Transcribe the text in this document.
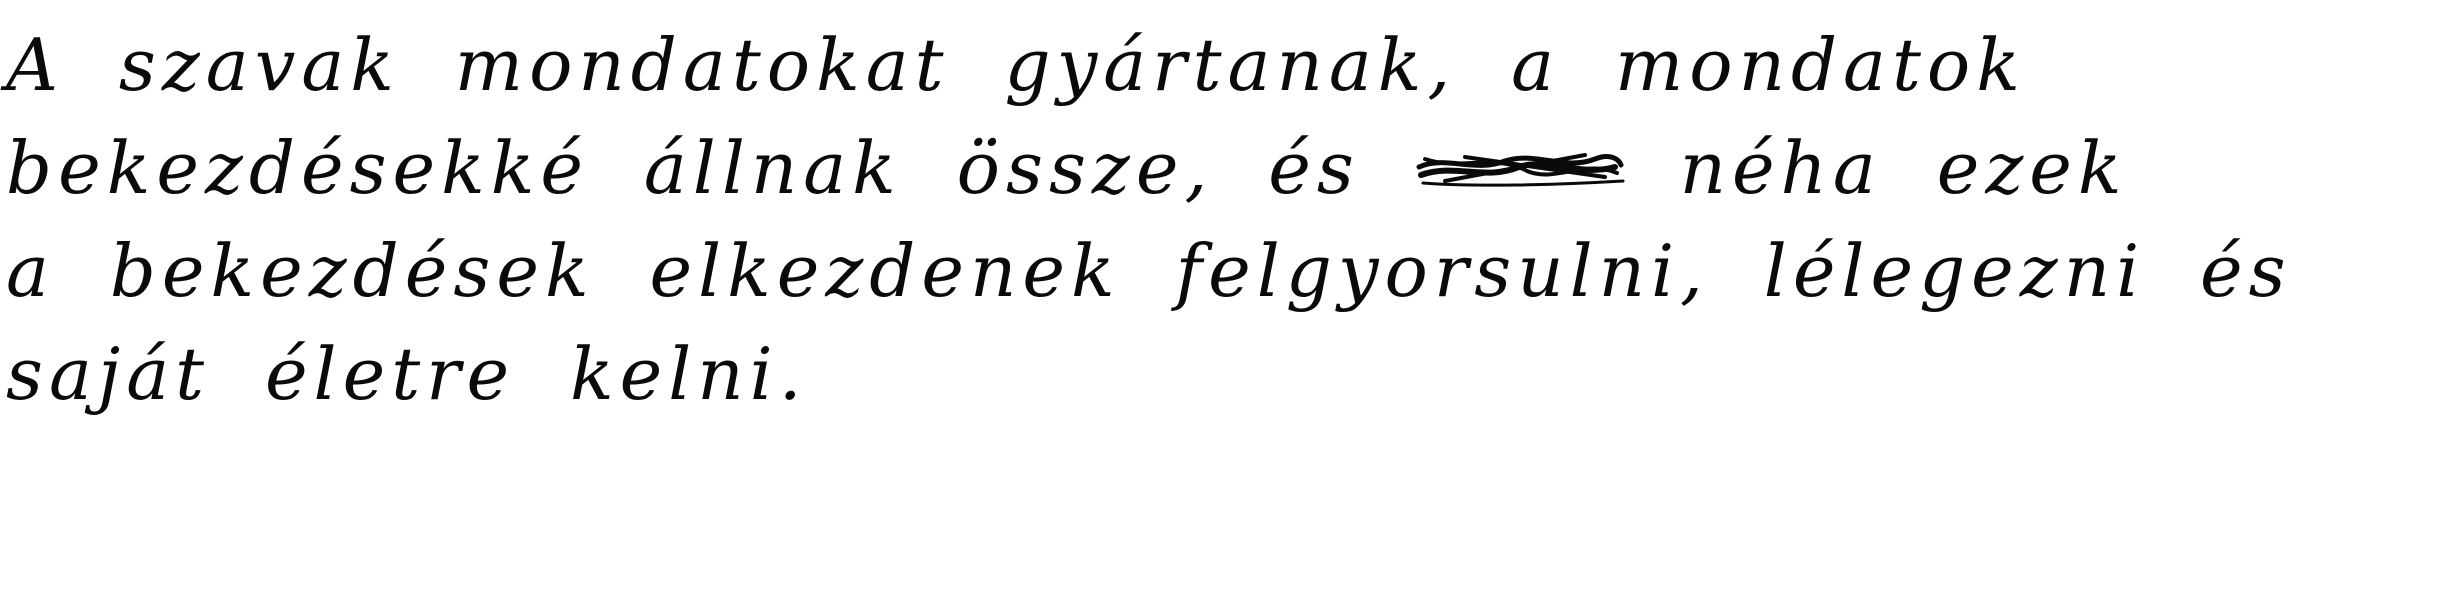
A szavak mondatokat gyártanak, a mondatok
bekezdésekké állnak össze, és	néha ezek
a bekezdések elkezdenek felgyorsulni, lélegezni és
saját életre kelni.
